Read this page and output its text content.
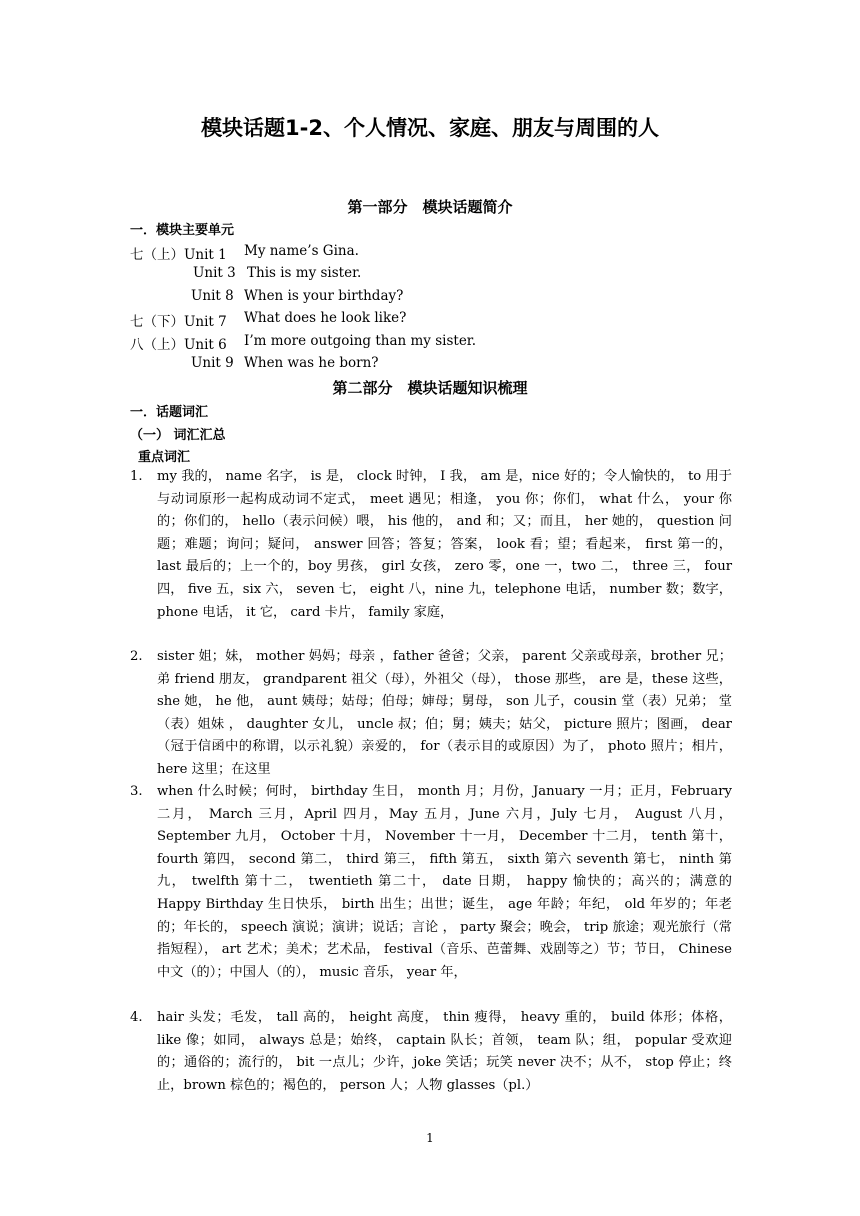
模块话题1-2、个人情况、家庭、朋友与周围的人
第一部分　模块话题简介
一．模块主要单元
七（上）Unit 1 My name’s Gina.
Unit 3 This is my sister.
Unit 8 When is your birthday?
七（下）Unit 7 What does he look like?
八（上）Unit 6 I’m more outgoing than my sister.
Unit 9 When was he born?
第二部分　模块话题知识梳理
一．话题词汇
（一） 词汇汇总
重点词汇
1. my 我的， name 名字， is 是， clock 时钟， I 我， am 是，nice 好的；令人愉快的， to 用于与动词原形一起构成动词不定式， meet 遇见；相逢， you 你；你们， what 什么， your 你的；你们的， hello（表示问候）喂， his 他的， and 和；又；而且， her 她的， question 问题；难题；询问；疑问， answer 回答；答复；答案， look 看；望；看起来， first 第一的， last 最后的；上一个的，boy 男孩， girl 女孩， zero 零，one 一，two 二， three 三， four 四， five 五，six 六， seven 七， eight 八，nine 九，telephone 电话， number 数；数字， phone 电话， it 它， card 卡片， family 家庭，
2. sister 姐；妹， mother 妈妈；母亲 ，father 爸爸；父亲， parent 父亲或母亲，brother 兄；弟 friend 朋友， grandparent 祖父（母），外祖父（母）， those 那些， are 是，these 这些， she 她， he 他， aunt 姨母；姑母；伯母；婶母；舅母， son 儿子，cousin 堂（表）兄弟； 堂（表）姐妹 ， daughter 女儿， uncle 叔；伯；舅；姨夫；姑父， picture 照片；图画， dear（冠于信函中的称谓，以示礼貌）亲爱的， for（表示目的或原因）为了， photo 照片；相片， here 这里；在这里
3. when 什么时候；何时， birthday 生日， month 月；月份，January 一月；正月，February 二月， March 三月，April 四月，May 五月，June 六月，July 七月， August 八月，September 九月， October 十月， November 十一月， December 十二月， tenth 第十， fourth 第四， second 第二， third 第三， fifth 第五， sixth 第六 seventh 第七， ninth 第九， twelfth 第十二， twentieth 第二十， date 日期， happy 愉快的；高兴的；满意的 Happy Birthday 生日快乐， birth 出生；出世；诞生， age 年龄；年纪， old 年岁的；年老的；年长的， speech 演说；演讲；说话；言论 ， party 聚会；晚会， trip 旅途；观光旅行（常指短程）， art 艺术；美术；艺术品， festival（音乐、芭蕾舞、戏剧等之）节；节日， Chinese 中文（的）；中国人（的）， music 音乐， year 年，
4. hair 头发；毛发， tall 高的， height 高度， thin 瘦得， heavy 重的， build 体形；体格， like 像；如同， always 总是；始终， captain 队长；首领， team 队；组， popular 受欢迎的；通俗的；流行的， bit 一点儿；少许，joke 笑话；玩笑 never 决不；从不， stop 停止；终止，brown 棕色的；褐色的， person 人；人物 glasses（pl.）
1
